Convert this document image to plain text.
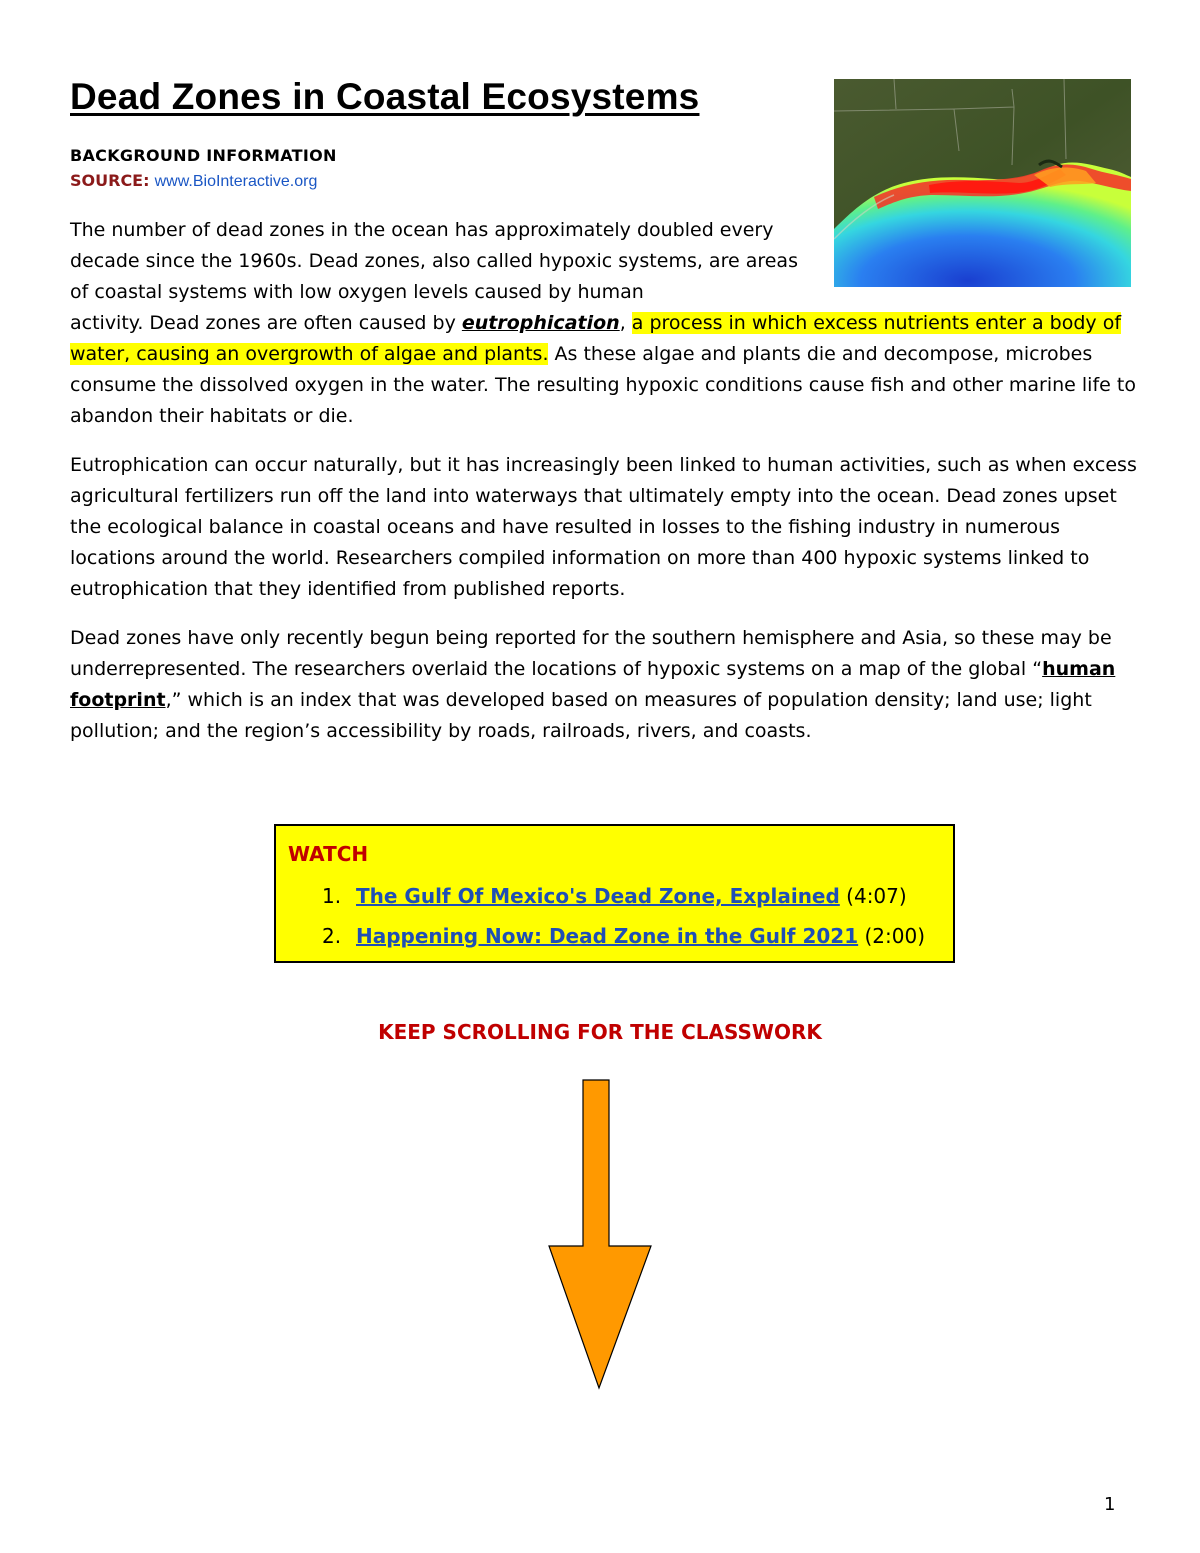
Dead Zones in Coastal Ecosystems
BACKGROUND INFORMATION
SOURCE: www.BioInteractive.org

The number of dead zones in the ocean has approximately doubled every decade since the 1960s. Dead zones, also called hypoxic systems, are areas of coastal systems with low oxygen levels caused by human

activity. Dead zones are often caused by eutrophication, a process in which excess nutrients enter a body of water, causing an overgrowth of algae and plants. As these algae and plants die and decompose, microbes consume the dissolved oxygen in the water. The resulting hypoxic conditions cause fish and other marine life to abandon their habitats or die.

Eutrophication can occur naturally, but it has increasingly been linked to human activities, such as when excess agricultural fertilizers run off the land into waterways that ultimately empty into the ocean. Dead zones upset the ecological balance in coastal oceans and have resulted in losses to the fishing industry in numerous locations around the world. Researchers compiled information on more than 400 hypoxic systems linked to eutrophication that they identified from published reports.

Dead zones have only recently begun being reported for the southern hemisphere and Asia, so these may be underrepresented. The researchers overlaid the locations of hypoxic systems on a map of the global “human footprint,” which is an index that was developed based on measures of population density; land use; light pollution; and the region’s accessibility by roads, railroads, rivers, and coasts.

WATCH
1. The Gulf Of Mexico's Dead Zone, Explained (4:07)
2. Happening Now: Dead Zone in the Gulf 2021 (2:00)
KEEP SCROLLING FOR THE CLASSWORK
1
